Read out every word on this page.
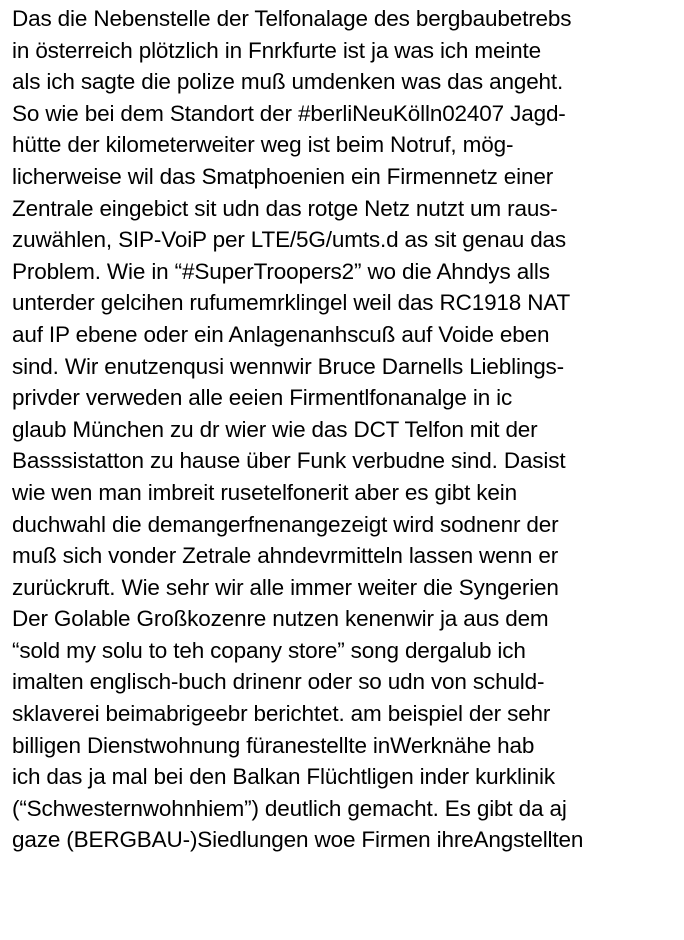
Das die Nebenstelle der Telfonalage des bergbaubetrebs
in österreich plötzlich in Fnrkfurte ist ja was ich meinte
als ich sagte die polize muß umdenken was das angeht.
So wie bei dem Standort der #berliNeuKölln02407 Jagd-
hütte der kilometerweiter weg ist beim Notruf, mög-
licherweise wil das Smatphoenien ein Firmennetz einer
Zentrale eingebict sit udn das rotge Netz nutzt um raus-
zuwählen, SIP-VoiP per LTE/5G/umts.d as sit genau das
Problem. Wie in “#SuperTroopers2” wo die Ahndys alls
unterder gelcihen rufumemrklingel weil das RC1918 NAT
auf IP ebene oder ein Anlagenanhscuß auf Voide eben
sind. Wir enutzenqusi wennwir Bruce Darnells Lieblings-
privder verweden alle eeien Firmentlfonanalge in ic
glaub München zu dr wier wie das DCT Telfon mit der
Basssistatton zu hause über Funk verbudne sind. Dasist
wie wen man imbreit rusetelfonerit aber es gibt kein
duchwahl die demangerfnenangezeigt wird sodnenr der
muß sich vonder Zetrale ahndevrmitteln lassen wenn er
zurückruft. Wie sehr wir alle immer weiter die Syngerien
Der Golable Großkozenre nutzen kenenwir ja aus dem
“sold my solu to teh copany store” song dergalub ich
imalten englisch-buch drinenr oder so udn von schuld-
sklaverei beimabrigeebr berichtet. am beispiel der sehr
billigen Dienstwohnung füranestellte inWerknähe hab
ich das ja mal bei den Balkan Flüchtligen inder kurklinik
(“Schwesternwohnhiem”) deutlich gemacht. Es gibt da aj
gaze (BERGBAU-)Siedlungen woe Firmen ihreAngstellten
